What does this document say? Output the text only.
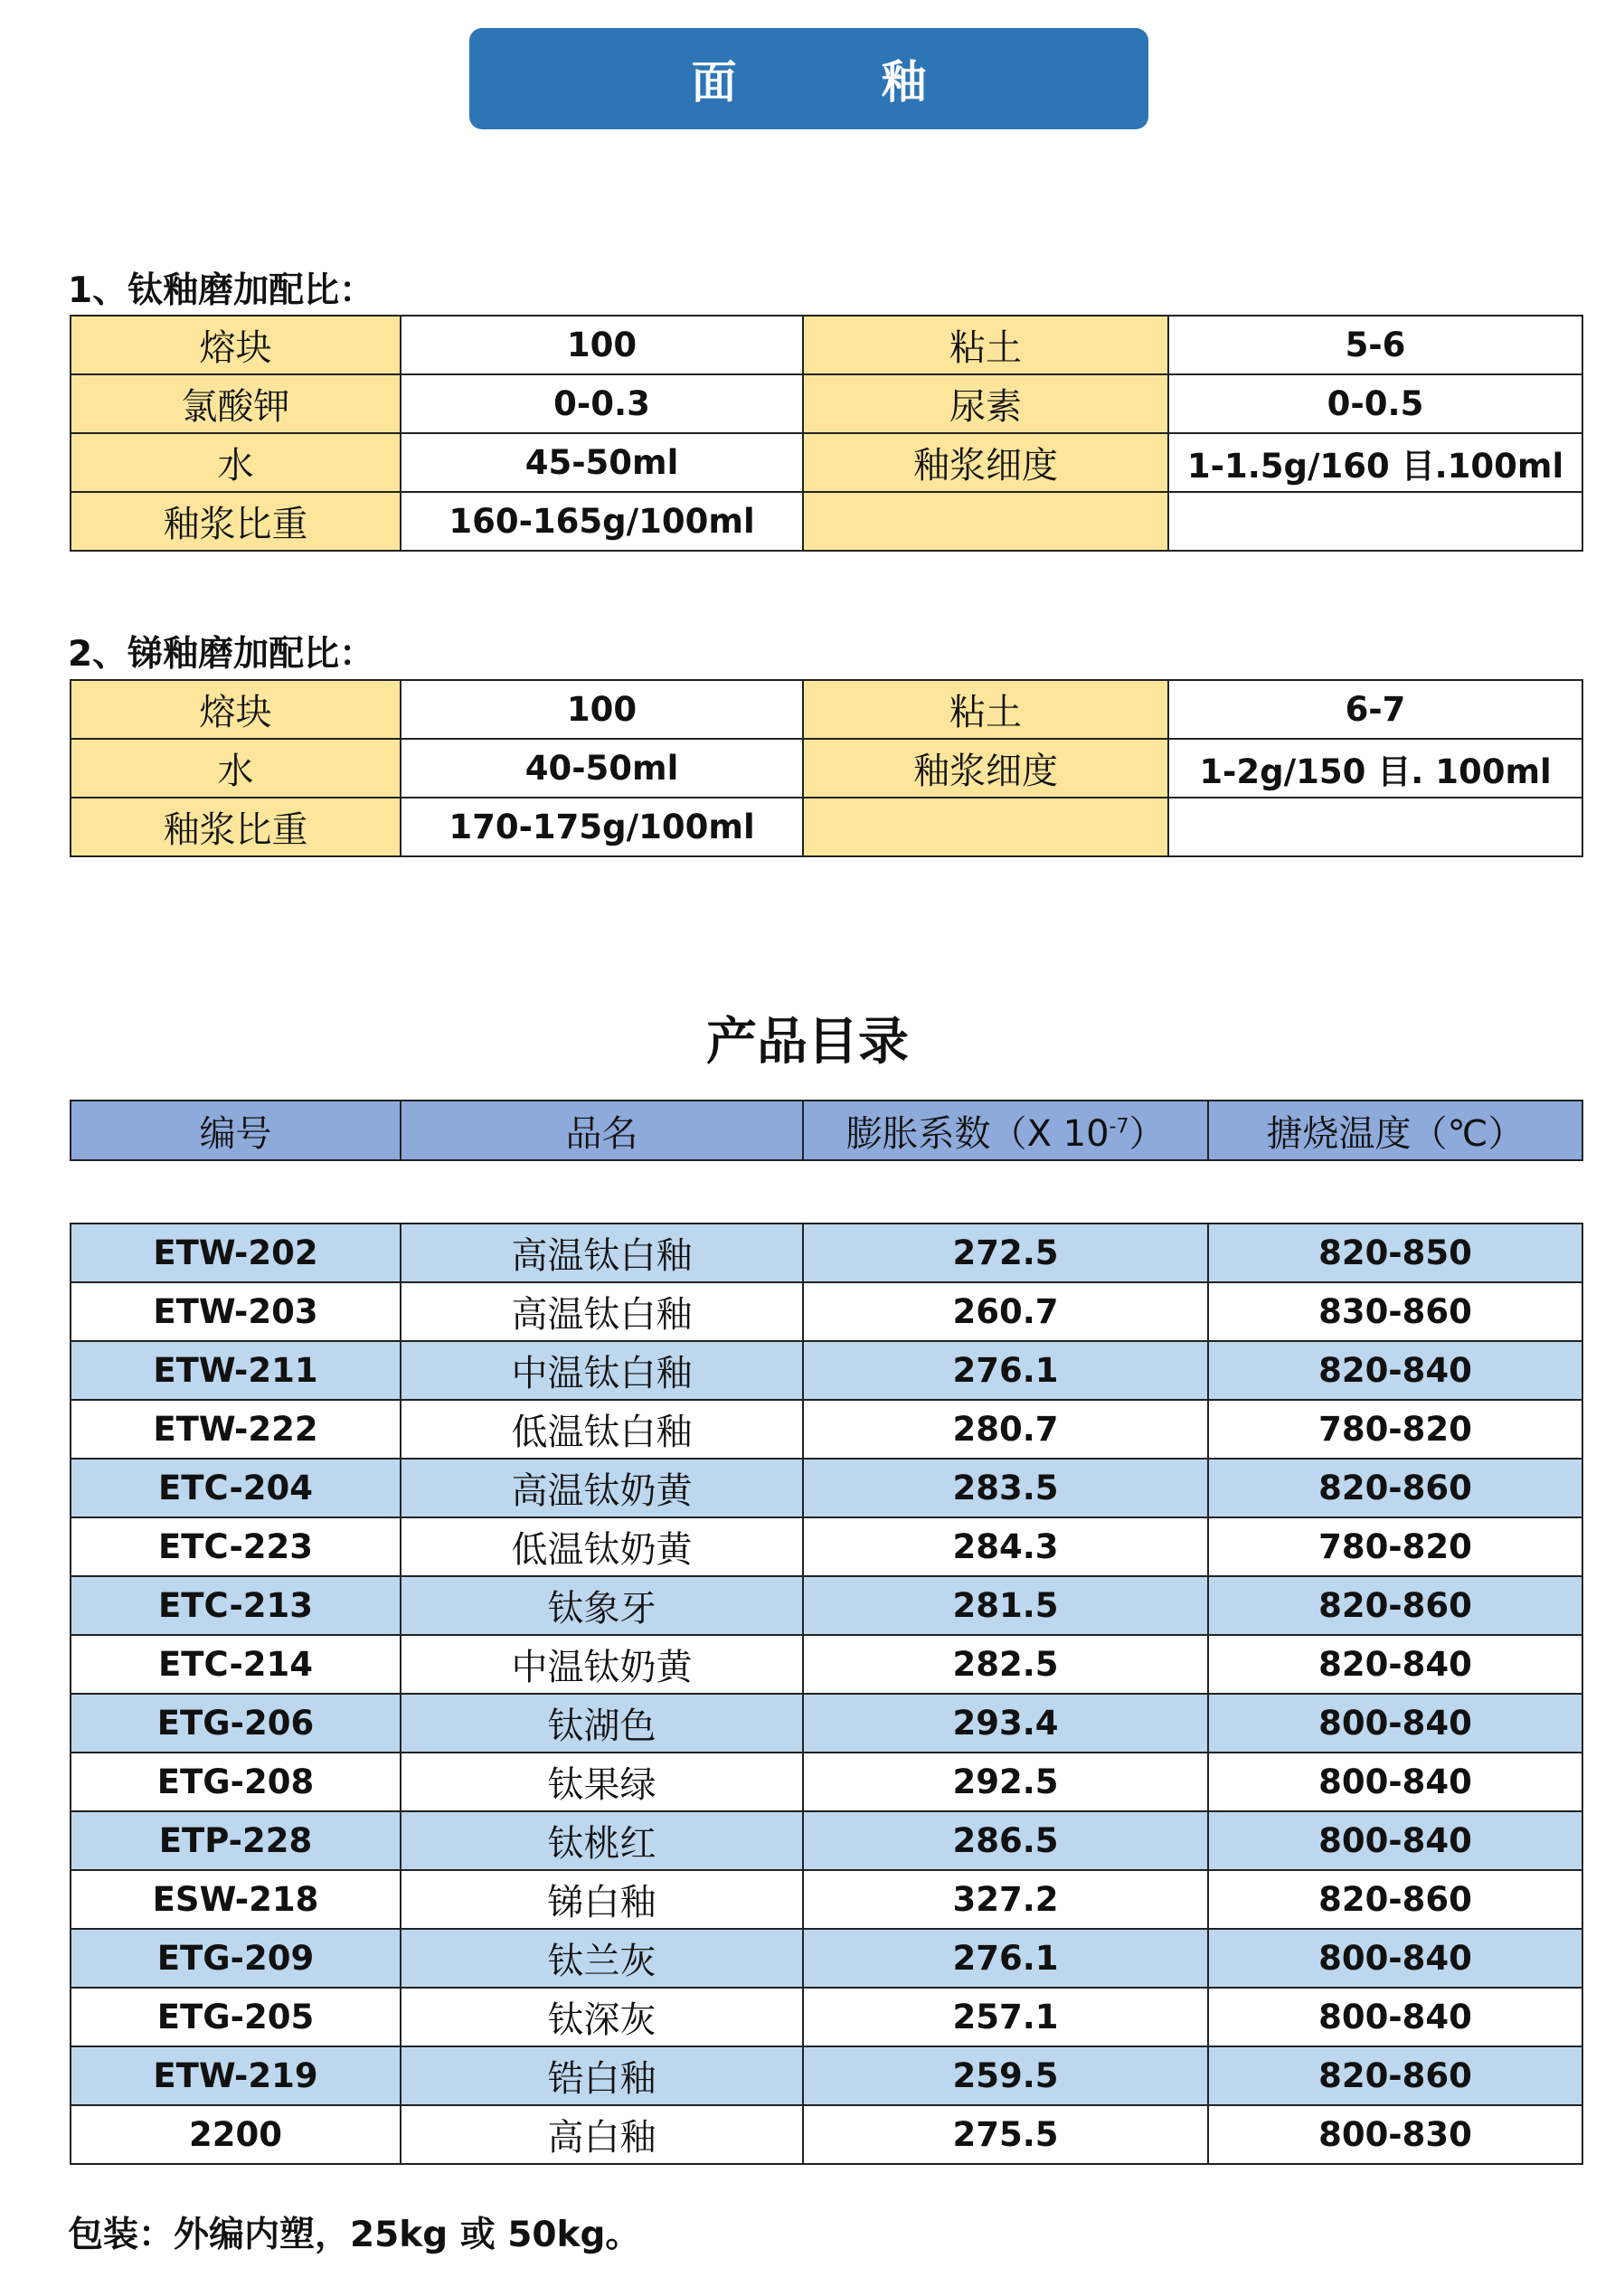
面	釉
1、钛釉磨加配比：
熔块	100	粘土	5-6
氯酸钾	0-0.3	尿素	0-0.5
水	45-50ml	釉浆细度	1-1.5g/160 目.100ml
釉浆比重	160-165g/100ml		
2、锑釉磨加配比：
熔块	100	粘土	6-7
水	40-50ml	釉浆细度	1-2g/150 目. 100ml
釉浆比重	170-175g/100ml		
产品目录
编号	品名	膨胀系数（X $10^{-7}$）	搪烧温度（℃）
ETW-202	高温钛白釉	272.5	820-850
ETW-203	高温钛白釉	260.7	830-860
ETW-211	中温钛白釉	276.1	820-840
ETW-222	低温钛白釉	280.7	780-820
ETC-204	高温钛奶黄	283.5	820-860
ETC-223	低温钛奶黄	284.3	780-820
ETC-213	钛象牙	281.5	820-860
ETC-214	中温钛奶黄	282.5	820-840
ETG-206	钛湖色	293.4	800-840
ETG-208	钛果绿	292.5	800-840
ETP-228	钛桃红	286.5	800-840
ESW-218	锑白釉	327.2	820-860
ETG-209	钛兰灰	276.1	800-840
ETG-205	钛深灰	257.1	800-840
ETW-219	锆白釉	259.5	820-860
2200	高白釉	275.5	800-830
包装：外编内塑，25kg 或 50kg。
